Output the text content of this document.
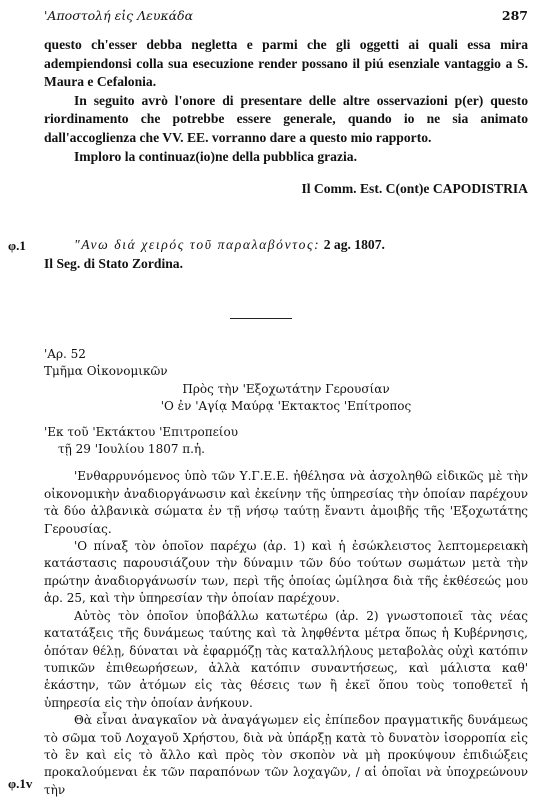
'Αποστολή εἰς Λευκάδα	287

questo ch'esser debba negletta e parmi che gli oggetti ai quali essa mira adempiendonsi colla sua esecuzione render possano il piú esenziale vantaggio a S. Maura e Cefalonia.

In seguito avrò l'onore di presentare delle altre osservazioni p(er) questo riordinamento che potrebbe essere generale, quando io ne sia animato dall'accoglienza che VV. EE. vorranno dare a questo mio rapporto.

Imploro la continuaz(io)ne della pubblica grazia.

Il Comm. Est. C(ont)e CAPODISTRIA

φ.1	"Ανω διά χειρός τοῦ παραλαβόντος: 2 ag. 1807.

Il Seg. di Stato Zordina.

'Αρ. 52

Τμῆμα Οἰκονομικῶν

Πρὸς τὴν 'Εξοχωτάτην Γερουσίαν

'Ο ἐν 'Αγίᾳ Μαύρᾳ 'Εκτακτος 'Επίτροπος

'Εκ τοῦ 'Εκτάκτου 'Επιτροπείου

τῇ 29 'Ιουλίου 1807 π.ἡ.

'Ενθαρρυνόμενος ὑπὸ τῶν Υ.Γ.Ε.Ε. ἠθέλησα νὰ ἀσχοληθῶ εἰδικῶς μὲ τὴν οἰκονομικὴν ἀναδιοργάνωσιν καὶ ἐκείνην τῆς ὑπηρεσίας τὴν ὁποίαν παρέχουν τὰ δύο ἀλβανικὰ σώματα ἐν τῇ νήσῳ ταύτῃ ἔναντι ἀμοιβῆς τῆς 'Εξοχωτάτης Γερουσίας.

'Ο πίναξ τὸν ὁποῖον παρέχω (ἀρ. 1) καὶ ἡ ἐσώκλειστος λεπτομερειακὴ κατάστασις παρουσιάζουν τὴν δύναμιν τῶν δύο τούτων σωμάτων μετὰ τὴν πρώτην ἀναδιοργάνωσίν των, περὶ τῆς ὁποίας ὡμίλησα διὰ τῆς ἐκθέσεώς μου ἀρ. 25, καὶ τὴν ὑπηρεσίαν τὴν ὁποίαν παρέχουν.

Αὐτὸς τὸν ὁποῖον ὑποβάλλω κατωτέρω (ἀρ. 2) γνωστοποιεῖ τὰς νέας κατατάξεις τῆς δυνάμεως ταύτης καὶ τὰ ληφθέντα μέτρα ὅπως ἡ Κυβέρνησις, ὁπόταν θέλῃ, δύναται νὰ ἐφαρμόζῃ τὰς καταλλήλους μεταβολὰς οὐχὶ κατόπιν τυπικῶν ἐπιθεωρήσεων, ἀλλὰ κατόπιν συναντήσεως, καὶ μάλιστα καθ' ἑκάστην, τῶν ἀτόμων εἰς τὰς θέσεις των ἢ ἐκεῖ ὅπου τοὺς τοποθετεῖ ἡ ὑπηρεσία εἰς τὴν ὁποίαν ἀνήκουν.

Θὰ εἶναι ἀναγκαῖον νὰ ἀναγάγωμεν εἰς ἐπίπεδον πραγματικῆς δυνάμεως τὸ σῶμα τοῦ Λοχαγοῦ Χρήστου, διὰ νὰ ὑπάρξῃ κατὰ τὸ δυνατὸν ἰσορροπία εἰς τὸ ἓν καὶ εἰς τὸ ἄλλο καὶ πρὸς τὸν σκοπὸν νὰ μὴ προκύψουν ἐπιδιώξεις προκαλούμεναι ἐκ τῶν παραπόνων τῶν λοχαγῶν, / αἱ ὁποῖαι νὰ ὑποχρεώνουν τὴν

φ.1v
